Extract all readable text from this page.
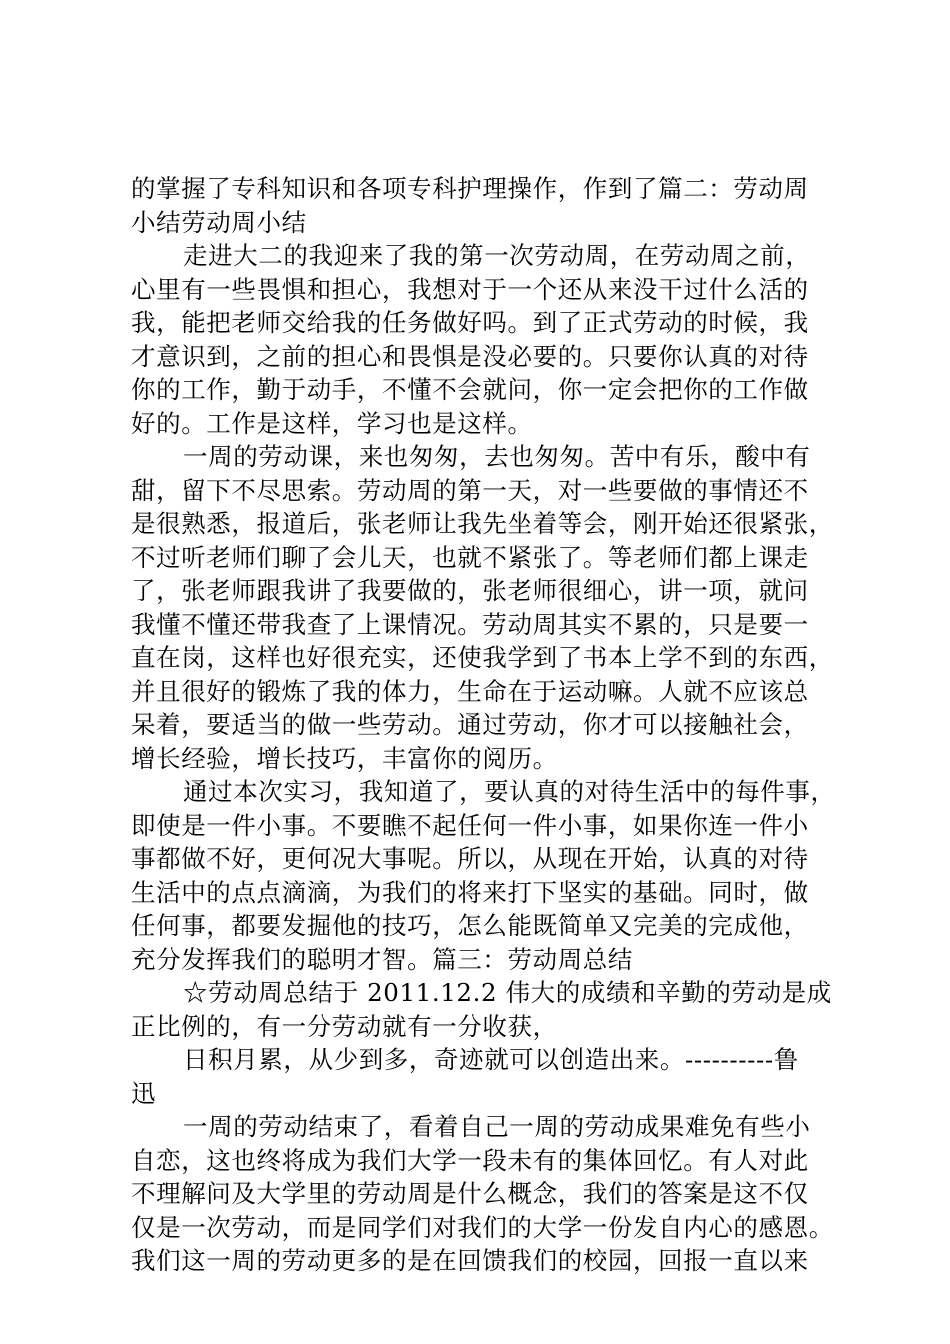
的掌握了专科知识和各项专科护理操作，作到了篇二：劳动周
小结劳动周小结
走进大二的我迎来了我的第一次劳动周，在劳动周之前，
心里有一些畏惧和担心，我想对于一个还从来没干过什么活的
我，能把老师交给我的任务做好吗。到了正式劳动的时候，我
才意识到，之前的担心和畏惧是没必要的。只要你认真的对待
你的工作，勤于动手，不懂不会就问，你一定会把你的工作做
好的。工作是这样，学习也是这样。
一周的劳动课，来也匆匆，去也匆匆。苦中有乐，酸中有
甜，留下不尽思索。劳动周的第一天，对一些要做的事情还不
是很熟悉，报道后，张老师让我先坐着等会，刚开始还很紧张，
不过听老师们聊了会儿天，也就不紧张了。等老师们都上课走
了，张老师跟我讲了我要做的，张老师很细心，讲一项，就问
我懂不懂还带我查了上课情况。劳动周其实不累的，只是要一
直在岗，这样也好很充实，还使我学到了书本上学不到的东西，
并且很好的锻炼了我的体力，生命在于运动嘛。人就不应该总
呆着，要适当的做一些劳动。通过劳动，你才可以接触社会，
增长经验，增长技巧，丰富你的阅历。
通过本次实习，我知道了，要认真的对待生活中的每件事，
即使是一件小事。不要瞧不起任何一件小事，如果你连一件小
事都做不好，更何况大事呢。所以，从现在开始，认真的对待
生活中的点点滴滴，为我们的将来打下坚实的基础。同时，做
任何事，都要发掘他的技巧，怎么能既简单又完美的完成他，
充分发挥我们的聪明才智。篇三：劳动周总结
☆劳动周总结于 2011.12.2 伟大的成绩和辛勤的劳动是成
正比例的，有一分劳动就有一分收获，
日积月累，从少到多，奇迹就可以创造出来。----------鲁
迅
一周的劳动结束了，看着自己一周的劳动成果难免有些小
自恋，这也终将成为我们大学一段未有的集体回忆。有人对此
不理解问及大学里的劳动周是什么概念，我们的答案是这不仅
仅是一次劳动，而是同学们对我们的大学一份发自内心的感恩。
我们这一周的劳动更多的是在回馈我们的校园，回报一直以来
